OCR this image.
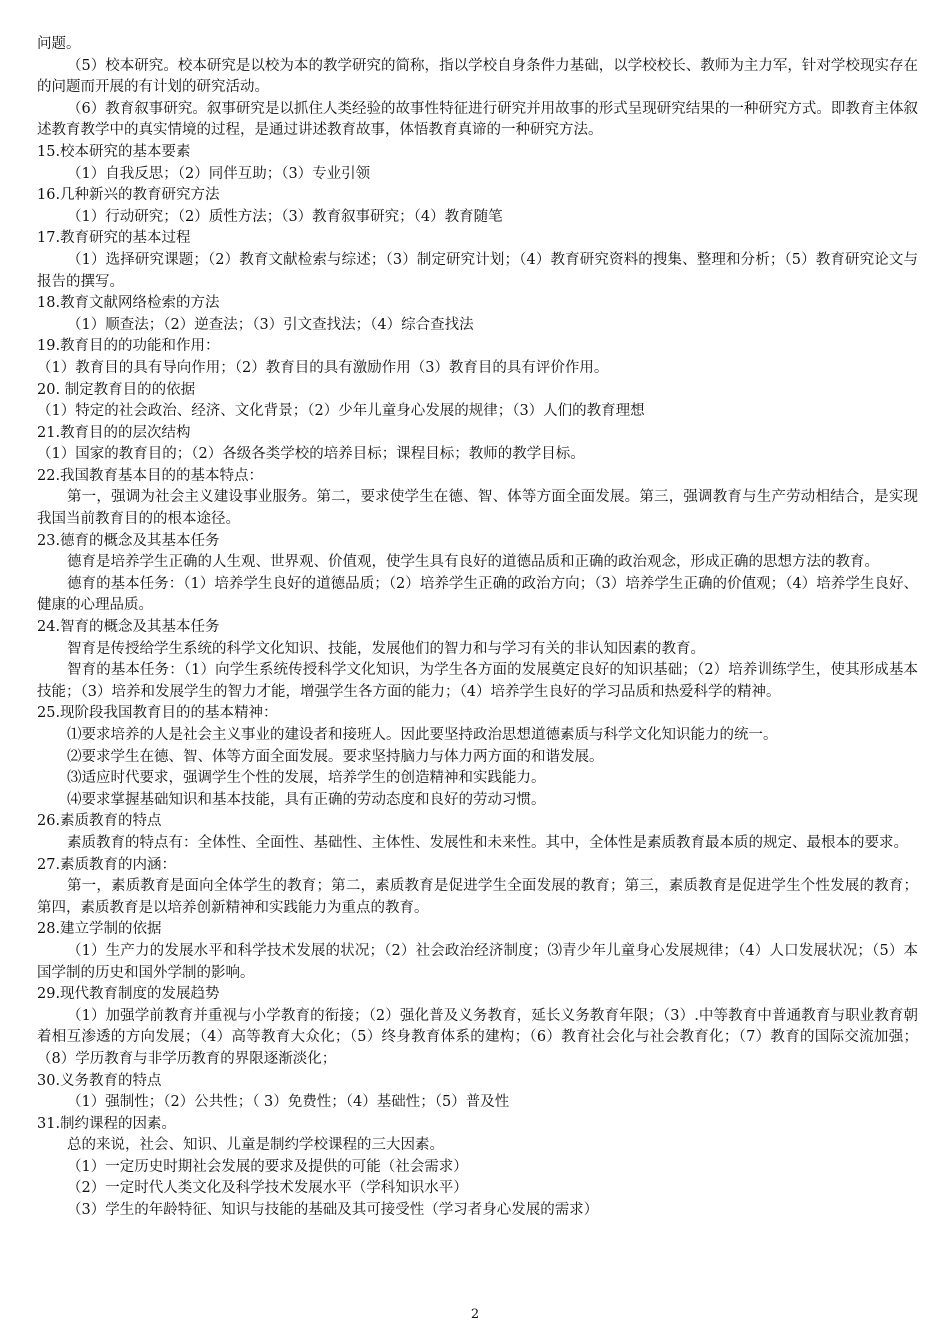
问题。

（5）校本研究。校本研究是以校为本的教学研究的简称，指以学校自身条件力基础，以学校校长、教师为主力军，针对学校现实存在的问题而开展的有计划的研究活动。

（6）教育叙事研究。叙事研究是以抓住人类经验的故事性特征进行研究并用故事的形式呈现研究结果的一种研究方式。即教育主体叙述教育教学中的真实情境的过程，是通过讲述教育故事，体悟教育真谛的一种研究方法。

15.校本研究的基本要素

（1）自我反思；（2）同伴互助；（3）专业引领

16.几种新兴的教育研究方法

（1）行动研究；（2）质性方法；（3）教育叙事研究；（4）教育随笔

17.教育研究的基本过程

（1）选择研究课题；（2）教育文献检索与综述；（3）制定研究计划；（4）教育研究资料的搜集、整理和分析；（5）教育研究论文与报告的撰写。

18.教育文献网络检索的方法

（1）顺查法；（2）逆查法；（3）引文查找法；（4）综合查找法

19.教育目的的功能和作用：

（1）教育目的具有导向作用；（2）教育目的具有激励作用（3）教育目的具有评价作用。

20. 制定教育目的的依据

（1）特定的社会政治、经济、文化背景；（2）少年儿童身心发展的规律；（3）人们的教育理想

21.教育目的的层次结构

（1）国家的教育目的；（2）各级各类学校的培养目标；课程目标；教师的教学目标。

22.我国教育基本目的的基本特点：

第一，强调为社会主义建设事业服务。第二，要求使学生在德、智、体等方面全面发展。第三，强调教育与生产劳动相结合，是实现我国当前教育目的的根本途径。

23.德育的概念及其基本任务

德育是培养学生正确的人生观、世界观、价值观，使学生具有良好的道德品质和正确的政治观念，形成正确的思想方法的教育。

德育的基本任务：（1）培养学生良好的道德品质；（2）培养学生正确的政治方向；（3）培养学生正确的价值观；（4）培养学生良好、健康的心理品质。

24.智育的概念及其基本任务

智育是传授给学生系统的科学文化知识、技能，发展他们的智力和与学习有关的非认知因素的教育。

智育的基本任务：（1）向学生系统传授科学文化知识，为学生各方面的发展奠定良好的知识基础；（2）培养训练学生，使其形成基本技能；（3）培养和发展学生的智力才能，增强学生各方面的能力；（4）培养学生良好的学习品质和热爱科学的精神。

25.现阶段我国教育目的的基本精神：

⑴要求培养的人是社会主义事业的建设者和接班人。因此要坚持政治思想道德素质与科学文化知识能力的统一。

⑵要求学生在德、智、体等方面全面发展。要求坚持脑力与体力两方面的和谐发展。

⑶适应时代要求，强调学生个性的发展，培养学生的创造精神和实践能力。

⑷要求掌握基础知识和基本技能，具有正确的劳动态度和良好的劳动习惯。

26.素质教育的特点

素质教育的特点有：全体性、全面性、基础性、主体性、发展性和未来性。其中，全体性是素质教育最本质的规定、最根本的要求。

27.素质教育的内涵：

第一，素质教育是面向全体学生的教育；第二，素质教育是促进学生全面发展的教育；第三，素质教育是促进学生个性发展的教育；第四，素质教育是以培养创新精神和实践能力为重点的教育。

28.建立学制的依据

（1）生产力的发展水平和科学技术发展的状况；（2）社会政治经济制度；⑶青少年儿童身心发展规律；（4）人口发展状况；（5）本国学制的历史和国外学制的影响。

29.现代教育制度的发展趋势

（1）加强学前教育并重视与小学教育的衔接；（2）强化普及义务教育，延长义务教育年限；（3）.中等教育中普通教育与职业教育朝着相互渗透的方向发展；（4）高等教育大众化；（5）终身教育体系的建构；（6）教育社会化与社会教育化；（7）教育的国际交流加强；（8）学历教育与非学历教育的界限逐渐淡化；

30.义务教育的特点

（1）强制性；（2）公共性；（ 3）免费性；（4）基础性；（5）普及性

31.制约课程的因素。

总的来说，社会、知识、儿童是制约学校课程的三大因素。

（1）一定历史时期社会发展的要求及提供的可能（社会需求）

（2）一定时代人类文化及科学技术发展水平（学科知识水平）

（3）学生的年龄特征、知识与技能的基础及其可接受性（学习者身心发展的需求）

2
